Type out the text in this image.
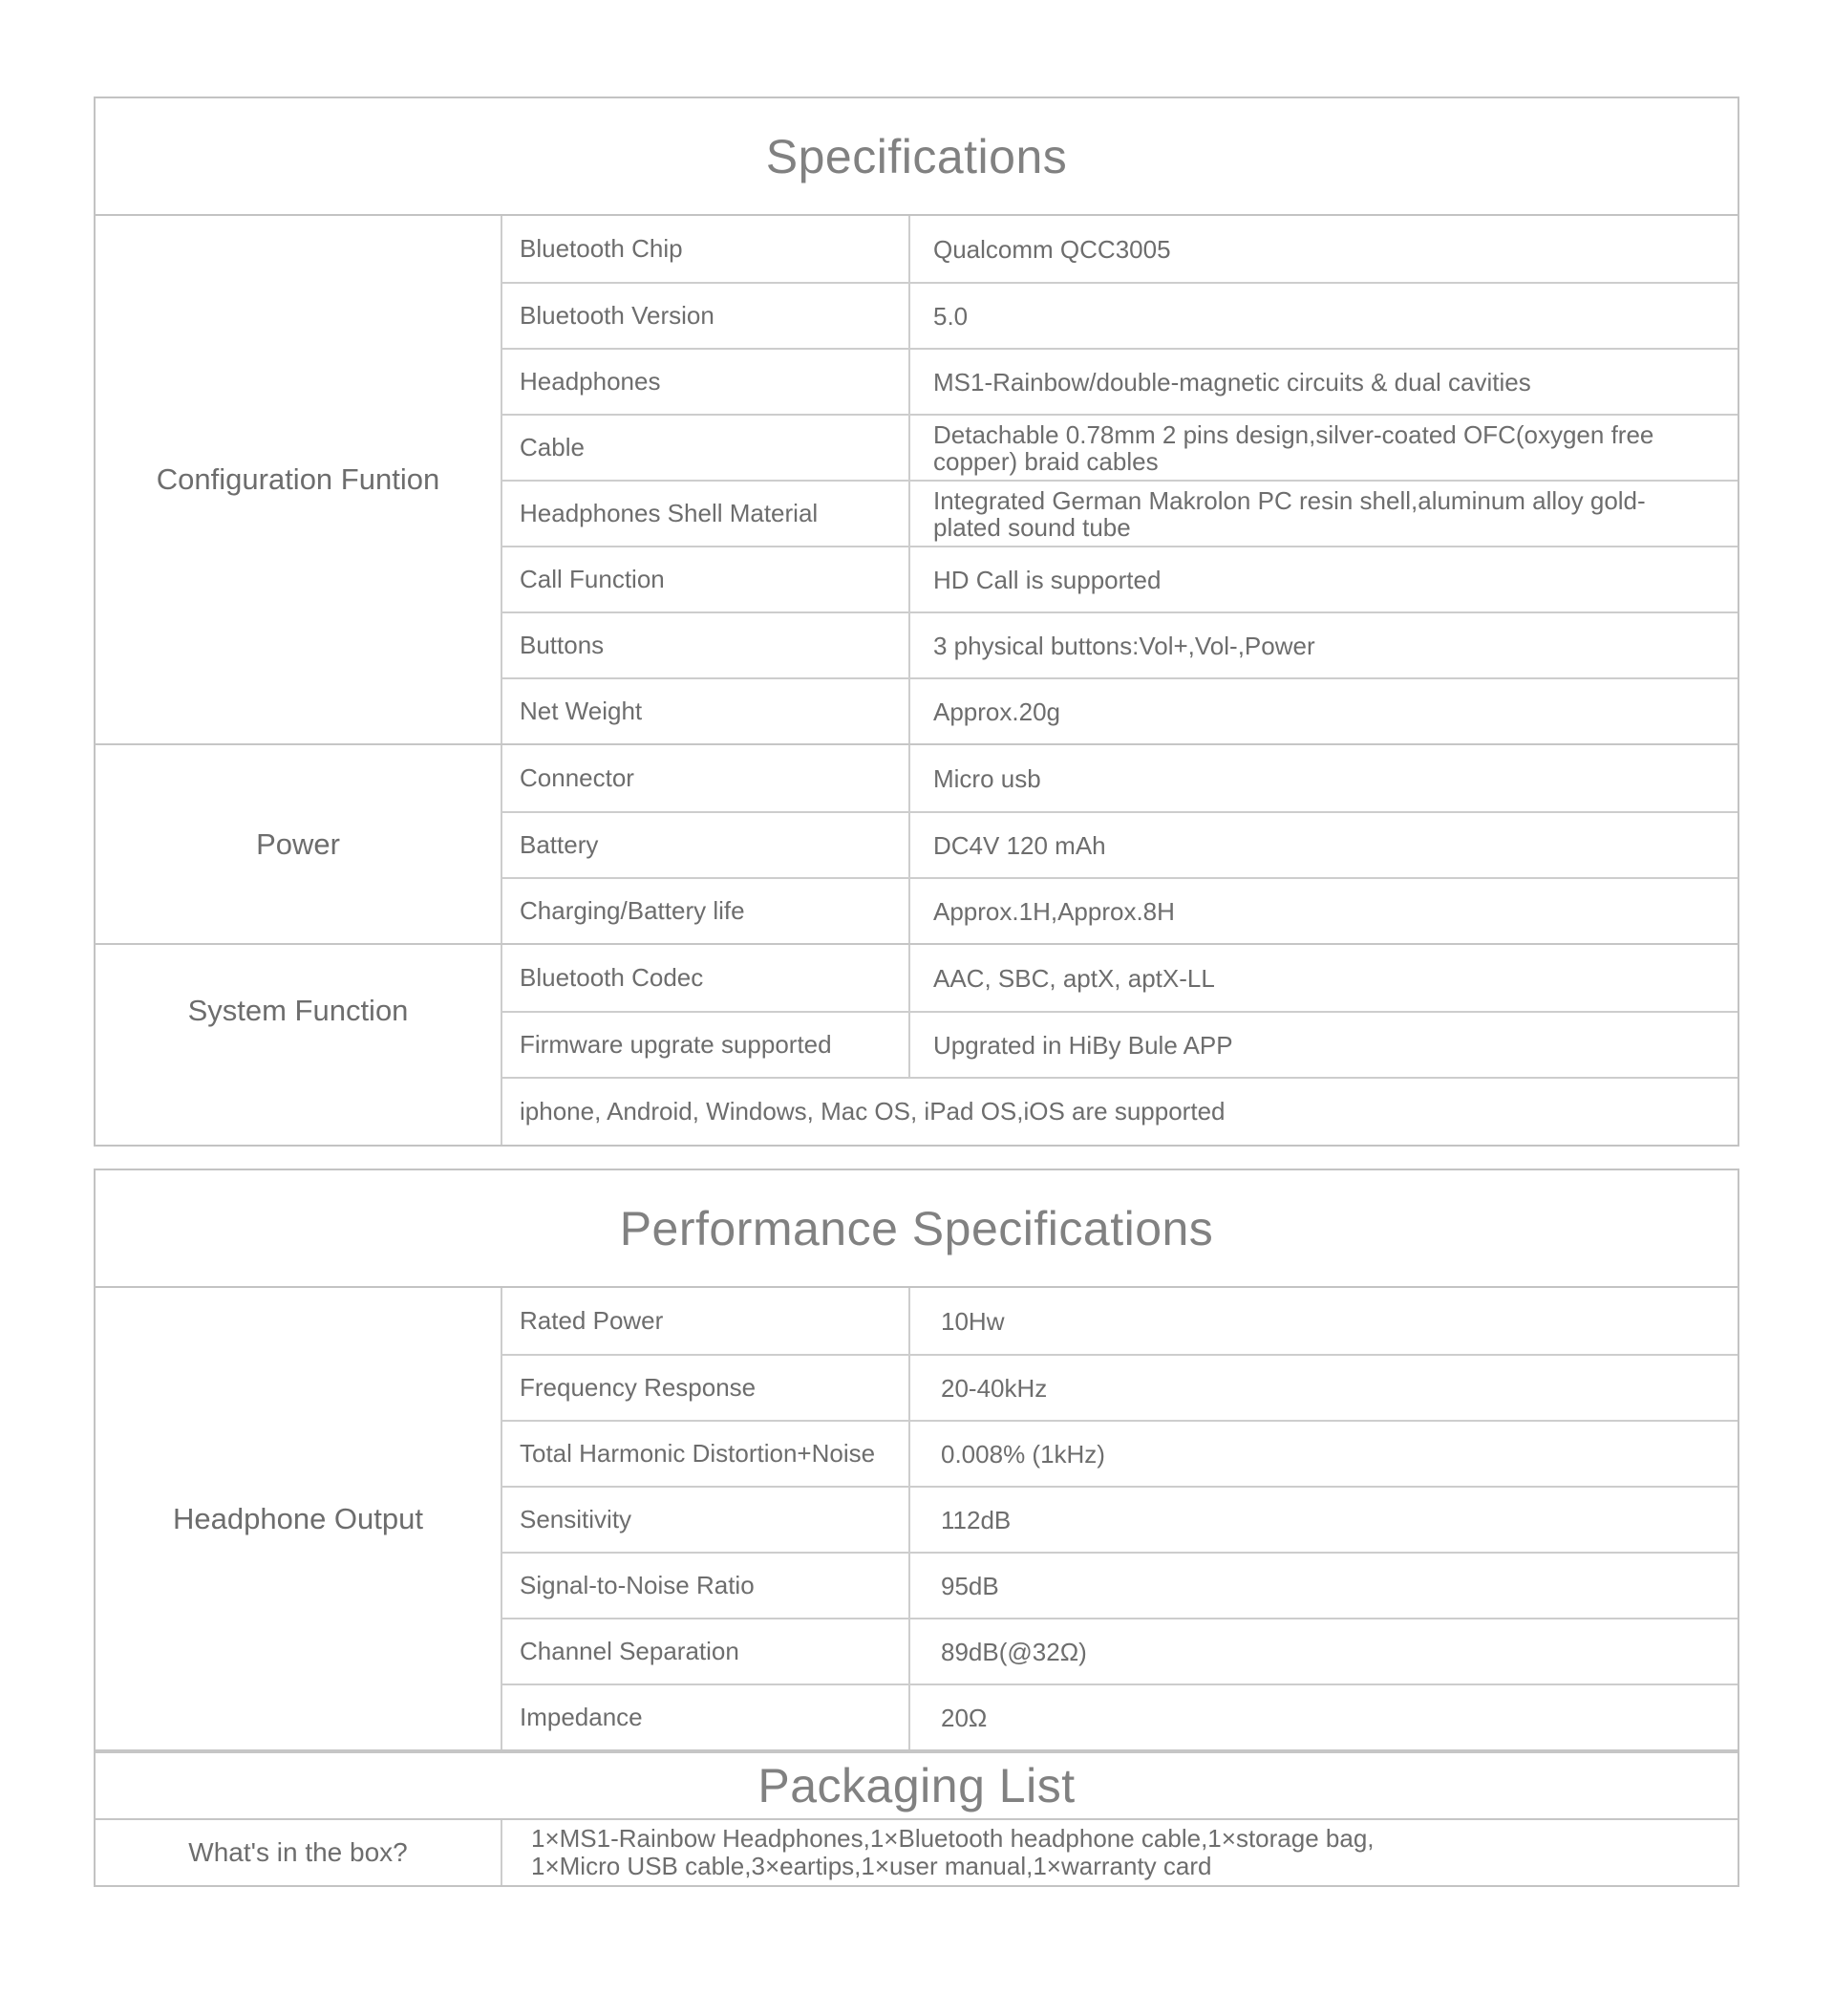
Specifications
Configuration Funtion
Bluetooth Chip	Qualcomm QCC3005
Bluetooth Version	5.0
Headphones	MS1-Rainbow/double-magnetic circuits & dual cavities
Cable	Detachable 0.78mm 2 pins design,silver-coated OFC(oxygen free copper) braid cables
Headphones Shell Material	Integrated German Makrolon PC resin shell,aluminum alloy gold-plated sound tube
Call Function	HD Call is supported
Buttons	3 physical buttons:Vol+,Vol-,Power
Net Weight	Approx.20g
Power
Connector	Micro usb
Battery	DC4V 120 mAh
Charging/Battery life	Approx.1H,Approx.8H
System Function
Bluetooth Codec	AAC, SBC, aptX, aptX-LL
Firmware upgrate supported	Upgrated in HiBy Bule APP
iphone, Android, Windows, Mac OS, iPad OS,iOS are supported
Performance Specifications
Headphone Output
Rated Power	10Hw
Frequency Response	20-40kHz
Total Harmonic Distortion+Noise	0.008% (1kHz)
Sensitivity	112dB
Signal-to-Noise Ratio	95dB
Channel Separation	89dB(@32Ω)
Impedance	20Ω
Packaging List
What's in the box?	1×MS1-Rainbow Headphones,1×Bluetooth headphone cable,1×storage bag,
1×Micro USB cable,3×eartips,1×user manual,1×warranty card
